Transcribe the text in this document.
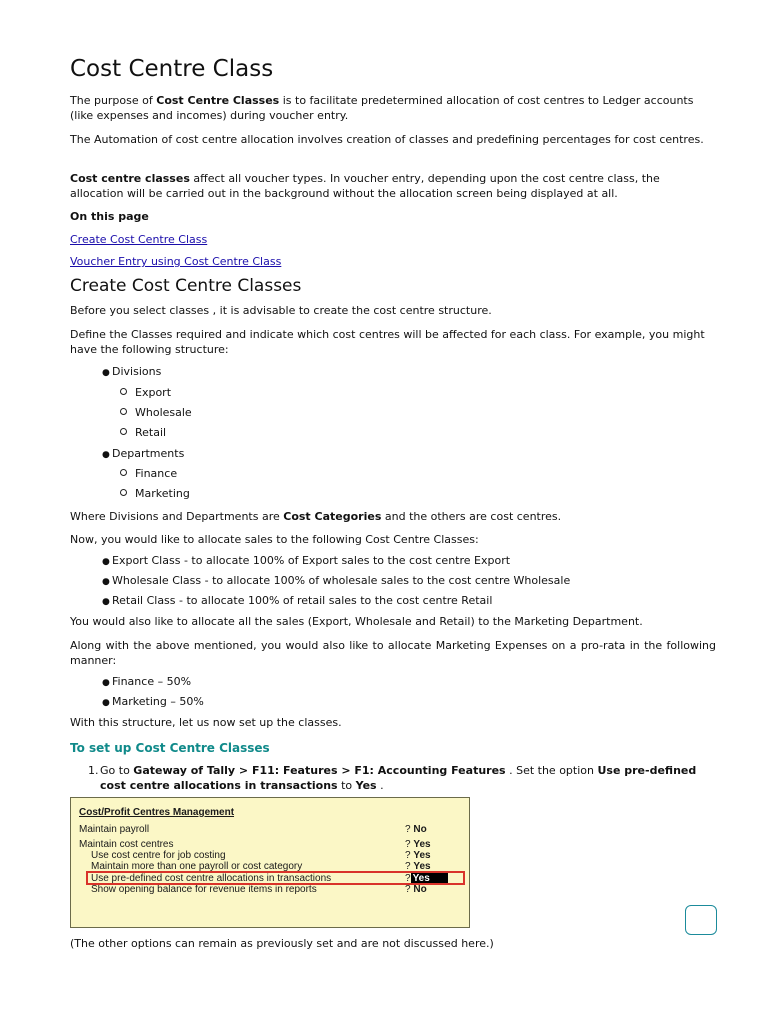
Cost Centre Class

The purpose of Cost Centre Classes is to facilitate predetermined allocation of cost centres to Ledger accounts (like expenses and incomes) during voucher entry.

The Automation of cost centre allocation involves creation of classes and predefining percentages for cost centres.

Cost centre classes affect all voucher types. In voucher entry, depending upon the cost centre class, the allocation will be carried out in the background without the allocation screen being displayed at all.

On this page

Create Cost Centre Class

Voucher Entry using Cost Centre Class

Create Cost Centre Classes

Before you select classes , it is advisable to create the cost centre structure.

Define the Classes required and indicate which cost centres will be affected for each class. For example, you might have the following structure:

● Divisions
Export
Wholesale
Retail
● Departments
Finance
Marketing

Where Divisions and Departments are Cost Categories and the others are cost centres.

Now, you would like to allocate sales to the following Cost Centre Classes:

● Export Class - to allocate 100% of Export sales to the cost centre Export
● Wholesale Class - to allocate 100% of wholesale sales to the cost centre Wholesale
● Retail Class - to allocate 100% of retail sales to the cost centre Retail

You would also like to allocate all the sales (Export, Wholesale and Retail) to the Marketing Department.

Along with the above mentioned, you would also like to allocate Marketing Expenses on a pro-rata in the following manner:

● Finance – 50%
● Marketing – 50%

With this structure, let us now set up the classes.

To set up Cost Centre Classes
1. Go to Gateway of Tally > F11: Features > F1: Accounting Features . Set the option Use pre-defined cost centre allocations in transactions to Yes .

(The other options can remain as previously set and are not discussed here.)

Cost/Profit Centres Management
Maintain payroll	? No
Maintain cost centres	? Yes
Use cost centre for job costing	? Yes
Maintain more than one payroll or cost category	? Yes
Use pre-defined cost centre allocations in transactions	? Yes
Show opening balance for revenue items in reports	? No
